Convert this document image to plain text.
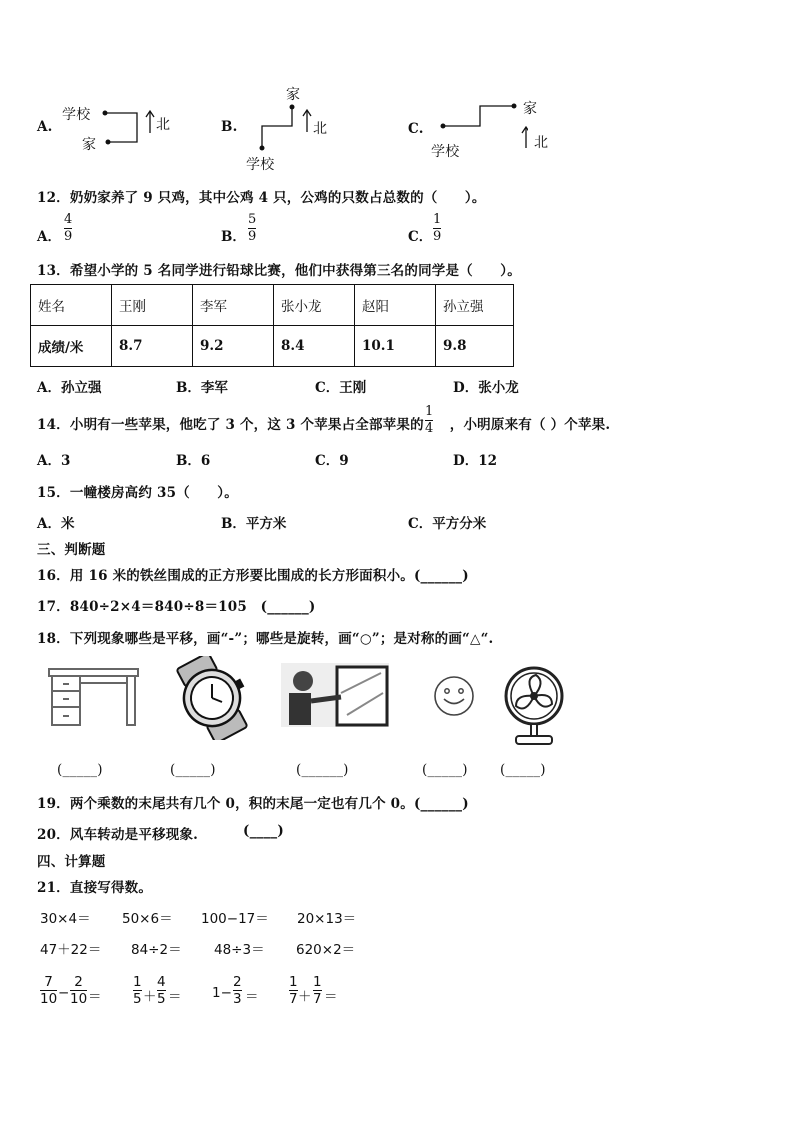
A.
学校
家
北	B.
家
学校
北	C.
家
学校
北
12．奶奶家养了 9 只鸡，其中公鸡 4 只，公鸡的只数占总数的（　　）。
A．
4
9	B．
5
9	C．
1
9
13．希望小学的 5 名同学进行铅球比赛，他们中获得第三名的同学是（　　）。
姓名	王刚	李军	张小龙	赵阳	孙立强
成绩/米	8.7	9.2	8.4	10.1	9.8
A．孙立强	B．李军	C．王刚	D．张小龙
14．小明有一些苹果，他吃了 3 个，这 3 个苹果占全部苹果的 ，小明原来有（ ）个苹果.
1
4
A．3	B．6	C．9	D．12
15．一幢楼房高约 35（　　）。
A．米	B．平方米	C．平方分米
三、判断题
16．用 16 米的铁丝围成的正方形要比围成的长方形面积小。(______)
17．840÷2×4＝840÷8＝105　(______)
18．下列现象哪些是平移，画“-”；哪些是旋转，画“○”；是对称的画“△“.
(_____)	(_____)	(______)	(_____) (_____)
19．两个乘数的末尾共有几个 0，积的末尾一定也有几个 0。(______)
20．风车转动是平移现象.	(____)
四、计算题
21．直接写得数。
30×4＝ 50×6＝ 100−17＝ 20×13＝
47＋22＝ 84÷2＝ 48÷3＝ 620×2＝
7
10 −
2
10 ＝
1
5 ＋
4
5 ＝ 1−
2
3 ＝
1
7 ＋
1
7 ＝
